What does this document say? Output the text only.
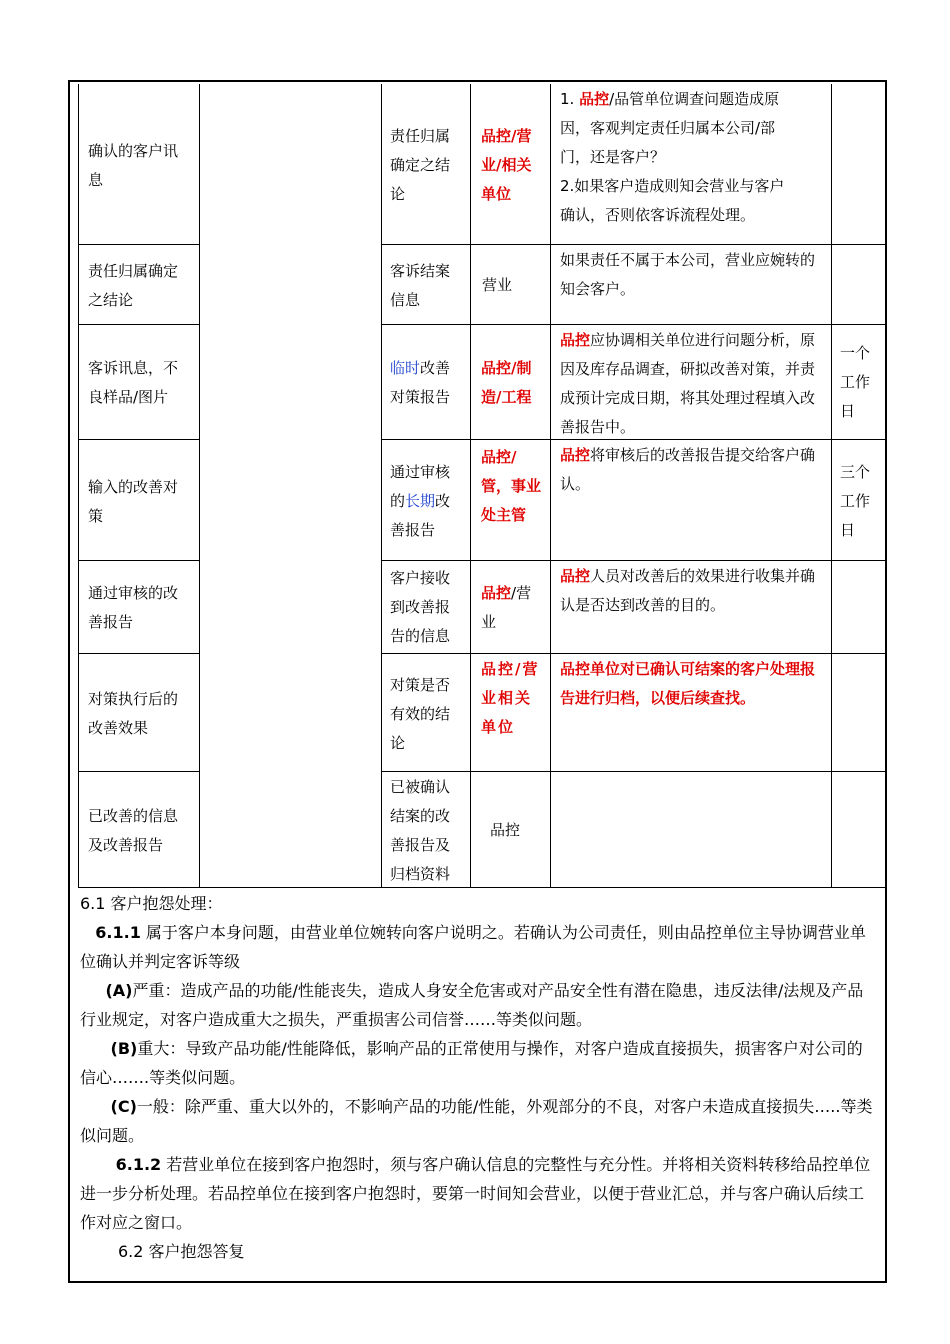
确认的客户讯息
责任归属确定之结论
品控/营业/相关单位
1. 品控/品管单位调查问题造成原
因，客观判定责任归属本公司/部
门，还是客户？
2.如果客户造成则知会营业与客户
确认，否则依客诉流程处理。
责任归属确定之结论
客诉结案信息
营业
如果责任不属于本公司，营业应婉转的知会客户。
客诉讯息，不良样品/图片
临时改善对策报告
品控/制造/工程
品控应协调相关单位进行问题分析，原因及库存品调查，研拟改善对策，并责成预计完成日期，将其处理过程填入改善报告中。
一个工作日
输入的改善对策
通过审核的长期改善报告
品控/管，事业处主管
品控将审核后的改善报告提交给客户确认。
三个工作日
通过审核的改善报告
客户接收到改善报告的信息
品控/营业
品控人员对改善后的效果进行收集并确认是否达到改善的目的。
对策执行后的改善效果
对策是否有效的结论
品控/营业相关单位
品控单位对已确认可结案的客户处理报告进行归档，以便后续查找。
已改善的信息及改善报告
已被确认结案的改善报告及归档资料
品控
6.1 客户抱怨处理：
6.1.1 属于客户本身问题，由营业单位婉转向客户说明之。若确认为公司责任，则由品控单位主导协调营业单位确认并判定客诉等级
(A)严重：造成产品的功能/性能丧失，造成人身安全危害或对产品安全性有潜在隐患，违反法律/法规及产品行业规定，对客户造成重大之损失，严重损害公司信誉……等类似问题。
(B)重大：导致产品功能/性能降低，影响产品的正常使用与操作，对客户造成直接损失，损害客户对公司的信心…….等类似问题。
(C)一般：除严重、重大以外的，不影响产品的功能/性能，外观部分的不良，对客户未造成直接损失…..等类似问题。
6.1.2 若营业单位在接到客户抱怨时，须与客户确认信息的完整性与充分性。并将相关资料转移给品控单位进一步分析处理。若品控单位在接到客户抱怨时，要第一时间知会营业，以便于营业汇总，并与客户确认后续工作对应之窗口。
6.2 客户抱怨答复
